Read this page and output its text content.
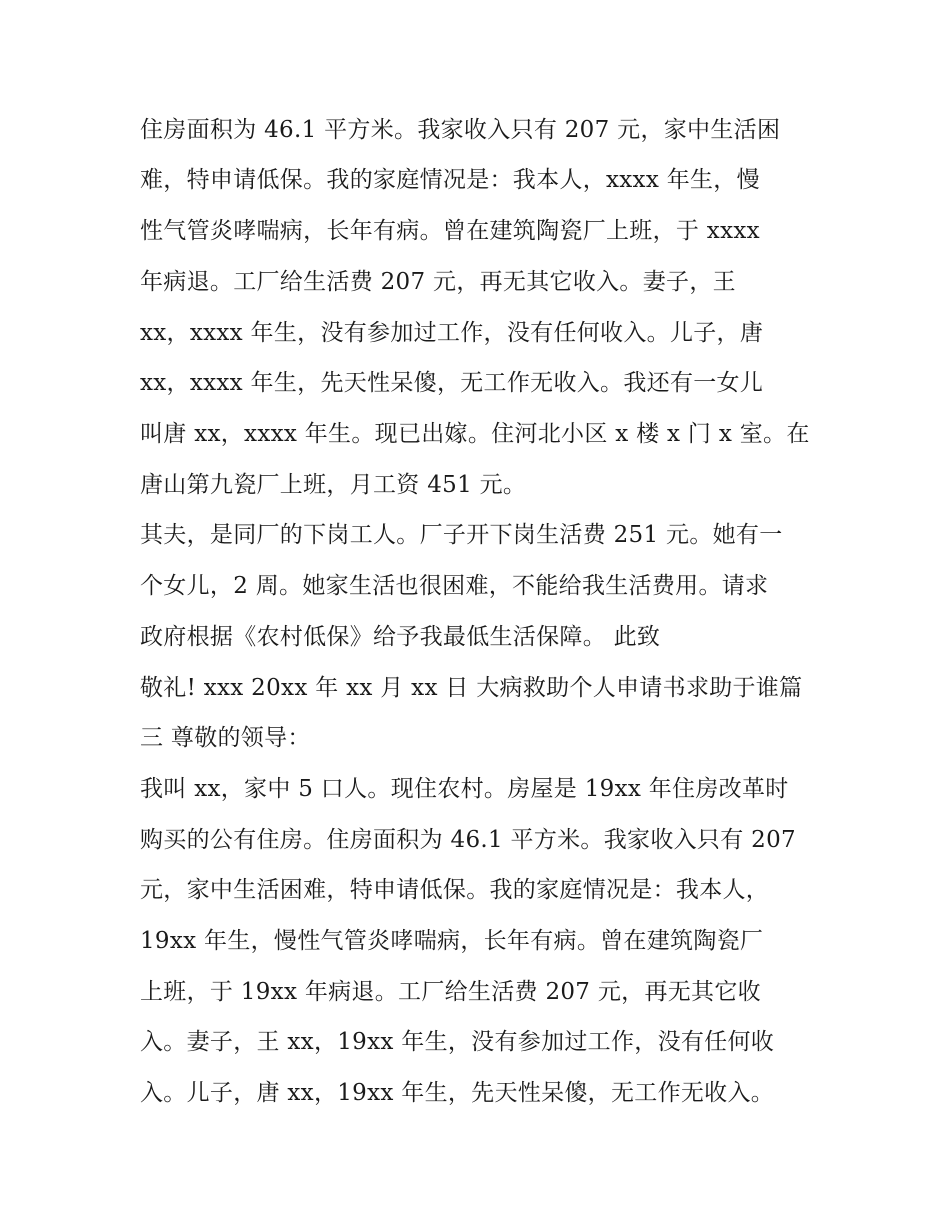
住房面积为 46.1 平方米。我家收入只有 207 元，家中生活困
难，特申请低保。我的家庭情况是：我本人，xxxx 年生，慢
性气管炎哮喘病，长年有病。曾在建筑陶瓷厂上班，于 xxxx
年病退。工厂给生活费 207 元，再无其它收入。妻子，王
xx，xxxx 年生，没有参加过工作，没有任何收入。儿子，唐
xx，xxxx 年生，先天性呆傻，无工作无收入。我还有一女儿
叫唐 xx，xxxx 年生。现已出嫁。住河北小区 x 楼 x 门 x 室。在
唐山第九瓷厂上班，月工资 451 元。
其夫，是同厂的下岗工人。厂子开下岗生活费 251 元。她有一
个女儿，2 周。她家生活也很困难，不能给我生活费用。请求
政府根据《农村低保》给予我最低生活保障。 此致
敬礼! xxx 20xx 年 xx 月 xx 日 大病救助个人申请书求助于谁篇
三 尊敬的领导：
我叫 xx，家中 5 口人。现住农村。房屋是 19xx 年住房改革时
购买的公有住房。住房面积为 46.1 平方米。我家收入只有 207
元，家中生活困难，特申请低保。我的家庭情况是：我本人，
19xx 年生，慢性气管炎哮喘病，长年有病。曾在建筑陶瓷厂
上班，于 19xx 年病退。工厂给生活费 207 元，再无其它收
入。妻子，王 xx，19xx 年生，没有参加过工作，没有任何收
入。儿子，唐 xx，19xx 年生，先天性呆傻，无工作无收入。
